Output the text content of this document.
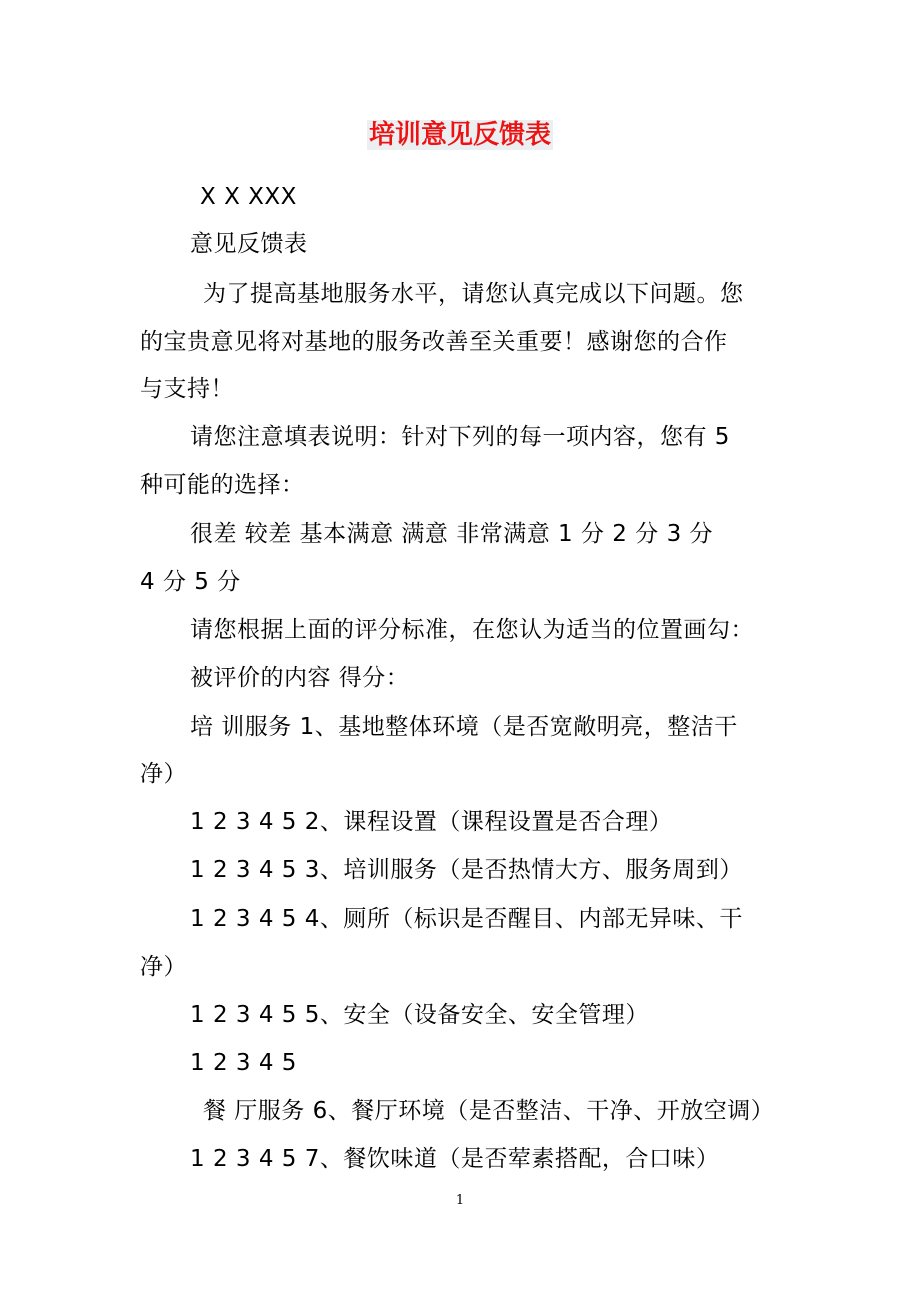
培训意见反馈表
X X XXX
意见反馈表
为了提高基地服务水平，请您认真完成以下问题。您
的宝贵意见将对基地的服务改善至关重要！感谢您的合作
与支持！
请您注意填表说明：针对下列的每一项内容，您有 5
种可能的选择：
很差 较差 基本满意 满意 非常满意 1 分 2 分 3 分
4 分 5 分
请您根据上面的评分标准，在您认为适当的位置画勾：
被评价的内容 得分：
培 训服务 1、基地整体环境（是否宽敞明亮，整洁干
净）
1 2 3 4 5 2、课程设置（课程设置是否合理）
1 2 3 4 5 3、培训服务（是否热情大方、服务周到）
1 2 3 4 5 4、厕所（标识是否醒目、内部无异味、干
净）
1 2 3 4 5 5、安全（设备安全、安全管理）
1 2 3 4 5
餐 厅服务 6、餐厅环境（是否整洁、干净、开放空调）
1 2 3 4 5 7、餐饮味道（是否荤素搭配，合口味）
1
